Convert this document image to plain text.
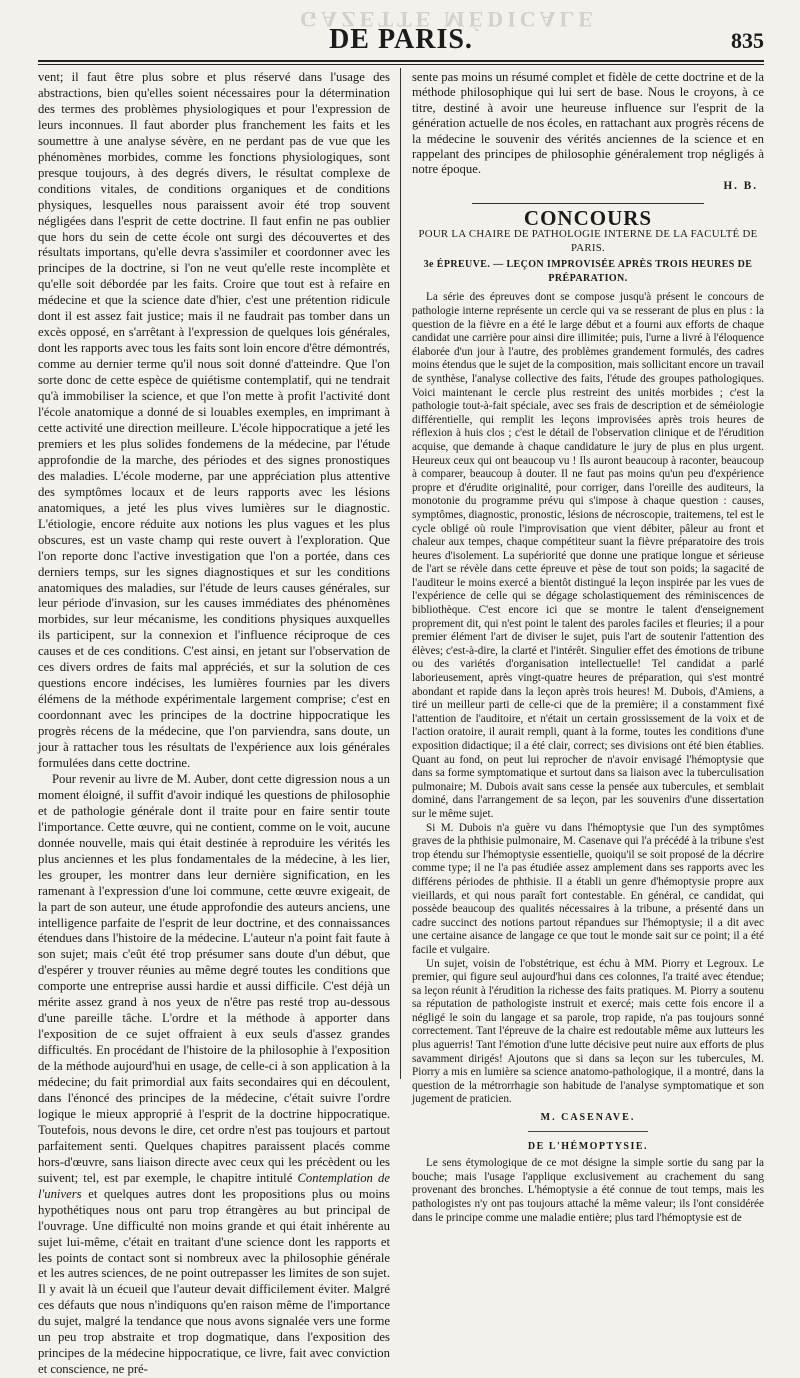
GAZETTE MÉDICALE
DE PARIS.	835

vent; il faut être plus sobre et plus réservé dans l'usage des abstractions, bien qu'elles soient nécessaires pour la détermination des termes des problèmes physiologiques et pour l'expression de leurs inconnues. Il faut aborder plus franchement les faits et les soumettre à une analyse sévère, en ne perdant pas de vue que les phénomènes morbides, comme les fonctions physiologiques, sont presque toujours, à des degrés divers, le résultat complexe de conditions vitales, de conditions organiques et de conditions physiques, lesquelles nous paraissent avoir été trop souvent négligées dans l'esprit de cette doctrine. Il faut enfin ne pas oublier que hors du sein de cette école ont surgi des découvertes et des résultats importans, qu'elle devra s'assimiler et coordonner avec les principes de la doctrine, si l'on ne veut qu'elle reste incomplète et qu'elle soit débordée par les faits. Croire que tout est à refaire en médecine et que la science date d'hier, c'est une prétention ridicule dont il est assez fait justice; mais il ne faudrait pas tomber dans un excès opposé, en s'arrêtant à l'expression de quelques lois générales, dont les rapports avec tous les faits sont loin encore d'être démontrés, comme au dernier terme qu'il nous soit donné d'atteindre. Que l'on sorte donc de cette espèce de quiétisme contemplatif, qui ne tendrait qu'à immobiliser la science, et que l'on mette à profit l'activité dont l'école anatomique a donné de si louables exemples, en imprimant à cette activité une direction meilleure. L'école hippocratique a jeté les premiers et les plus solides fondemens de la médecine, par l'étude approfondie de la marche, des périodes et des signes pronostiques des maladies. L'école moderne, par une appréciation plus attentive des symptômes locaux et de leurs rapports avec les lésions anatomiques, a jeté les plus vives lumières sur le diagnostic. L'étiologie, encore réduite aux notions les plus vagues et les plus obscures, est un vaste champ qui reste ouvert à l'exploration. Que l'on reporte donc l'active investigation que l'on a portée, dans ces derniers temps, sur les signes diagnostiques et sur les conditions anatomiques des maladies, sur l'étude de leurs causes générales, sur leur période d'invasion, sur les causes immédiates des phénomènes morbides, sur leur mécanisme, les conditions physiques auxquelles ils participent, sur la connexion et l'influence réciproque de ces causes et de ces conditions. C'est ainsi, en jetant sur l'observation de ces divers ordres de faits mal appréciés, et sur la solution de ces questions encore indécises, les lumières fournies par les divers élémens de la méthode expérimentale largement comprise; c'est en coordonnant avec les principes de la doctrine hippocratique les progrès récens de la médecine, que l'on parviendra, sans doute, un jour à rattacher tous les résultats de l'expérience aux lois générales formulées dans cette doctrine.

Pour revenir au livre de M. Auber, dont cette digression nous a un moment éloigné, il suffit d'avoir indiqué les questions de philosophie et de pathologie générale dont il traite pour en faire sentir toute l'importance. Cette œuvre, qui ne contient, comme on le voit, aucune donnée nouvelle, mais qui était destinée à reproduire les vérités les plus anciennes et les plus fondamentales de la médecine, à les lier, les grouper, les montrer dans leur dernière signification, en les ramenant à l'expression d'une loi commune, cette œuvre exigeait, de la part de son auteur, une étude approfondie des auteurs anciens, une intelligence parfaite de l'esprit de leur doctrine, et des connaissances étendues dans l'histoire de la médecine. L'auteur n'a point fait faute à son sujet; mais c'eût été trop présumer sans doute d'un début, que d'espérer y trouver réunies au même degré toutes les conditions que comporte une entreprise aussi hardie et aussi difficile. C'est déjà un mérite assez grand à nos yeux de n'être pas resté trop au-dessous d'une pareille tâche. L'ordre et la méthode à apporter dans l'exposition de ce sujet offraient à eux seuls d'assez grandes difficultés. En procédant de l'histoire de la philosophie à l'exposition de la méthode aujourd'hui en usage, de celle-ci à son application à la médecine; du fait primordial aux faits secondaires qui en découlent, dans l'énoncé des principes de la médecine, c'était suivre l'ordre logique le mieux approprié à l'esprit de la doctrine hippocratique. Toutefois, nous devons le dire, cet ordre n'est pas toujours et partout parfaitement senti. Quelques chapitres paraissent placés comme hors-d'œuvre, sans liaison directe avec ceux qui les précèdent ou les suivent; tel, est par exemple, le chapitre intitulé Contemplation de l'univers et quelques autres dont les propositions plus ou moins hypothétiques nous ont paru trop étrangères au but principal de l'ouvrage. Une difficulté non moins grande et qui était inhérente au sujet lui-même, c'était en traitant d'une science dont les rapports et les points de contact sont si nombreux avec la philosophie générale et les autres sciences, de ne point outrepasser les limites de son sujet. Il y avait là un écueil que l'auteur devait difficilement éviter. Malgré ces défauts que nous n'indiquons qu'en raison même de l'importance du sujet, malgré la tendance que nous avons signalée vers une forme un peu trop abstraite et trop dogmatique, dans l'exposition des principes de la médecine hippocratique, ce livre, fait avec conviction et conscience, ne pré-

sente pas moins un résumé complet et fidèle de cette doctrine et de la méthode philosophique qui lui sert de base. Nous le croyons, à ce titre, destiné à avoir une heureuse influence sur l'esprit de la génération actuelle de nos écoles, en rattachant aux progrès récens de la médecine le souvenir des vérités anciennes de la science et en rappelant des principes de philosophie généralement trop négligés à notre époque.

H. B.
CONCOURS
POUR LA CHAIRE DE PATHOLOGIE INTERNE DE LA FACULTÉ DE PARIS.
3e ÉPREUVE. — LEÇON IMPROVISÉE APRÈS TROIS HEURES DE PRÉPARATION.

La série des épreuves dont se compose jusqu'à présent le concours de pathologie interne représente un cercle qui va se resserant de plus en plus : la question de la fièvre en a été le large début et a fourni aux efforts de chaque candidat une carrière pour ainsi dire illimitée; puis, l'urne a livré à l'éloquence élaborée d'un jour à l'autre, des problèmes grandement formulés, des cadres moins étendus que le sujet de la composition, mais sollicitant encore un travail de synthèse, l'analyse collective des faits, l'étude des groupes pathologiques. Voici maintenant le cercle plus restreint des unités morbides ; c'est la pathologie tout-à-fait spéciale, avec ses frais de description et de séméiologie différentielle, qui remplit les leçons improvisées après trois heures de réflexion à huis clos ; c'est le détail de l'observation clinique et de l'érudition acquise, que demande à chaque candidature le jury de plus en plus urgent. Heureux ceux qui ont beaucoup vu ! Ils auront beaucoup à raconter, beaucoup à comparer, beaucoup à douter. Il ne faut pas moins qu'un peu d'expérience propre et d'érudite originalité, pour corriger, dans l'oreille des auditeurs, la monotonie du programme prévu qui s'impose à chaque question : causes, symptômes, diagnostic, pronostic, lésions de nécroscopie, traitemens, tel est le cycle obligé où roule l'improvisation que vient débiter, pâleur au front et chaleur aux tempes, chaque compétiteur suant la fièvre préparatoire des trois heures d'isolement. La supériorité que donne une pratique longue et sérieuse de l'art se révèle dans cette épreuve et pèse de tout son poids; la sagacité de l'auditeur le moins exercé a bientôt distingué la leçon inspirée par les vues de l'expérience de celle qui se dégage scholastiquement des réminiscences de bibliothèque. C'est encore ici que se montre le talent d'enseignement proprement dit, qui n'est point le talent des paroles faciles et fleuries; il a pour premier élément l'art de diviser le sujet, puis l'art de soutenir l'attention des élèves; c'est-à-dire, la clarté et l'intérêt. Singulier effet des émotions de tribune ou des variétés d'organisation intellectuelle! Tel candidat a parlé laborieusement, après vingt-quatre heures de préparation, qui s'est montré abondant et rapide dans la leçon après trois heures! M. Dubois, d'Amiens, a tiré un meilleur parti de celle-ci que de la première; il a constamment fixé l'attention de l'auditoire, et n'était un certain grossissement de la voix et de l'action oratoire, il aurait rempli, quant à la forme, toutes les conditions d'une exposition didactique; il a été clair, correct; ses divisions ont été bien établies. Quant au fond, on peut lui reprocher de n'avoir envisagé l'hémoptysie que dans sa forme symptomatique et surtout dans sa liaison avec la tuberculisation pulmonaire; M. Dubois avait sans cesse la pensée aux tubercules, et semblait dominé, dans l'arrangement de sa leçon, par les souvenirs d'une dissertation sur le même sujet.

Si M. Dubois n'a guère vu dans l'hémoptysie que l'un des symptômes graves de la phthisie pulmonaire, M. Casenave qui l'a précédé à la tribune s'est trop étendu sur l'hémoptysie essentielle, quoiqu'il se soit proposé de la décrire comme type; il ne l'a pas étudiée assez amplement dans ses rapports avec les différens périodes de phthisie. Il a établi un genre d'hémoptysie propre aux vieillards, et qui nous paraît fort contestable. En général, ce candidat, qui possède beaucoup des qualités nécessaires à la tribune, a présenté dans un cadre succinct des notions partout répandues sur l'hémoptysie; il a dit avec une certaine aisance de langage ce que tout le monde sait sur ce point; il a été facile et vulgaire.

Un sujet, voisin de l'obstétrique, est échu à MM. Piorry et Legroux. Le premier, qui figure seul aujourd'hui dans ces colonnes, l'a traité avec étendue; sa leçon réunit à l'érudition la richesse des faits pratiques. M. Piorry a soutenu sa réputation de pathologiste instruit et exercé; mais cette fois encore il a négligé le soin du langage et sa parole, trop rapide, n'a pas toujours sonné correctement. Tant l'épreuve de la chaire est redoutable même aux lutteurs les plus aguerris! Tant l'émotion d'une lutte décisive peut nuire aux efforts de plus savamment dirigés! Ajoutons que si dans sa leçon sur les tubercules, M. Piorry a mis en lumière sa science anatomo-pathologique, il a montré, dans la question de la métrorrhagie son habitude de l'analyse symptomatique et son jugement de praticien.

M. CASENAVE.
DE L'HÉMOPTYSIE.

Le sens étymologique de ce mot désigne la simple sortie du sang par la bouche; mais l'usage l'applique exclusivement au crachement du sang provenant des bronches. L'hémoptysie a été connue de tout temps, mais les pathologistes n'y ont pas toujours attaché la même valeur; ils l'ont considérée dans le principe comme une maladie entière; plus tard l'hémoptysie est de
